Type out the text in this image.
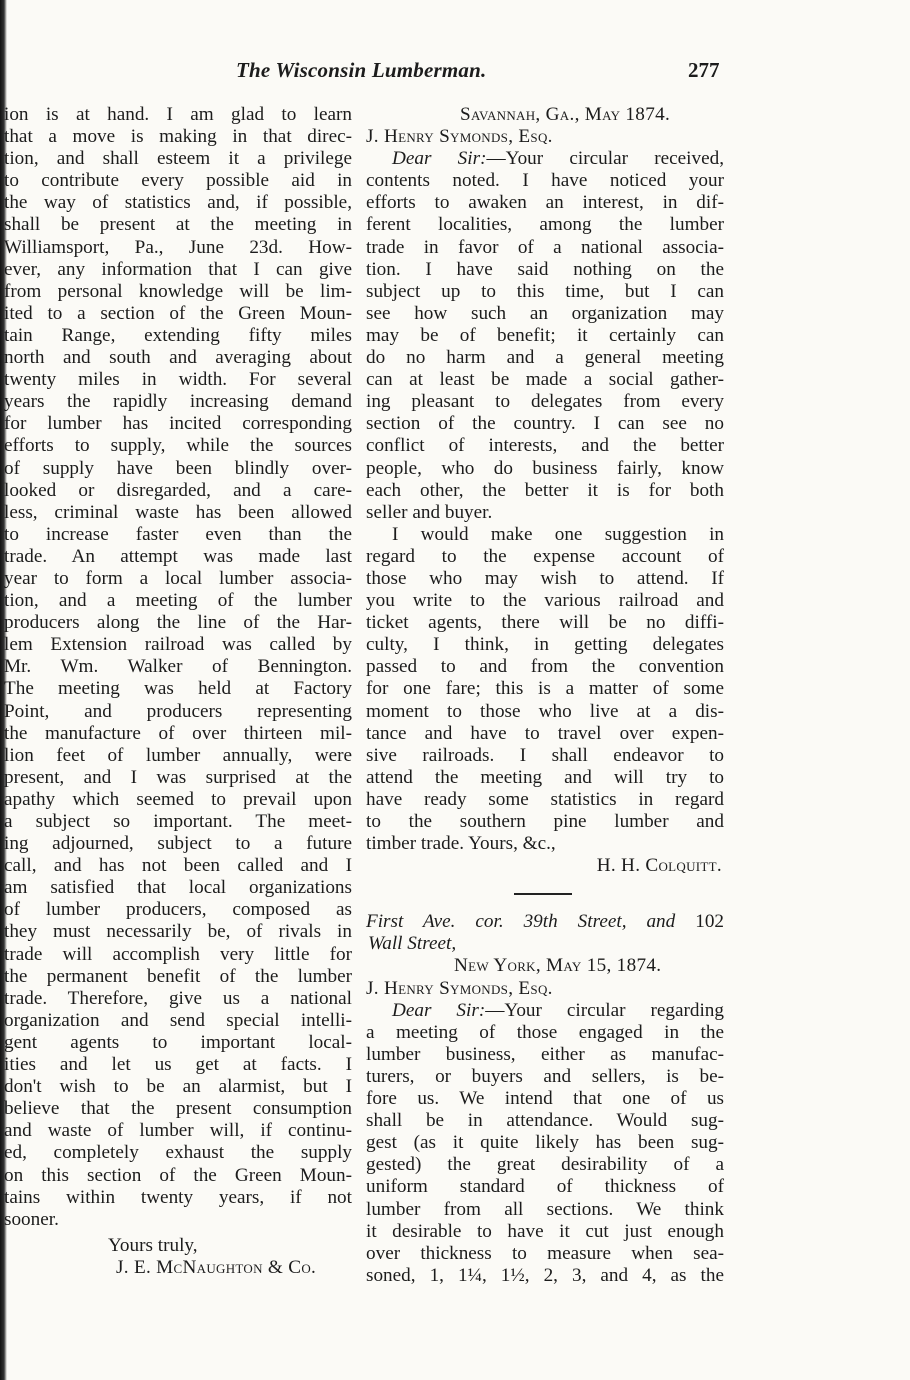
The Wisconsin Lumberman.	277
ion is at hand. I am glad to learn
that a move is making in that direc-
tion, and shall esteem it a privilege
to contribute every possible aid in
the way of statistics and, if possible,
shall be present at the meeting in
Williamsport, Pa., June 23d. How-
ever, any information that I can give
from personal knowledge will be lim-
ited to a section of the Green Moun-
tain Range, extending fifty miles
north and south and averaging about
twenty miles in width. For several
years the rapidly increasing demand
for lumber has incited corresponding
efforts to supply, while the sources
of supply have been blindly over-
looked or disregarded, and a care-
less, criminal waste has been allowed
to increase faster even than the
trade. An attempt was made last
year to form a local lumber associa-
tion, and a meeting of the lumber
producers along the line of the Har-
lem Extension railroad was called by
Mr. Wm. Walker of Bennington.
The meeting was held at Factory
Point, and producers representing
the manufacture of over thirteen mil-
lion feet of lumber annually, were
present, and I was surprised at the
apathy which seemed to prevail upon
a subject so important. The meet-
ing adjourned, subject to a future
call, and has not been called and I
am satisfied that local organizations
of lumber producers, composed as
they must necessarily be, of rivals in
trade will accomplish very little for
the permanent benefit of the lumber
trade. Therefore, give us a national
organization and send special intelli-
gent agents to important local-
ities and let us get at facts. I
don't wish to be an alarmist, but I
believe that the present consumption
and waste of lumber will, if continu-
ed, completely exhaust the supply
on this section of the Green Moun-
tains within twenty years, if not
sooner.
Yours truly,
J. E. McNaughton & Co.
Savannah, Ga., May 1874.
J. Henry Symonds, Esq.
Dear Sir:—Your circular received,
contents noted. I have noticed your
efforts to awaken an interest, in dif-
ferent localities, among the lumber
trade in favor of a national associa-
tion. I have said nothing on the
subject up to this time, but I can
see how such an organization may
may be of benefit; it certainly can
do no harm and a general meeting
can at least be made a social gather-
ing pleasant to delegates from every
section of the country. I can see no
conflict of interests, and the better
people, who do business fairly, know
each other, the better it is for both
seller and buyer.
I would make one suggestion in
regard to the expense account of
those who may wish to attend. If
you write to the various railroad and
ticket agents, there will be no diffi-
culty, I think, in getting delegates
passed to and from the convention
for one fare; this is a matter of some
moment to those who live at a dis-
tance and have to travel over expen-
sive railroads. I shall endeavor to
attend the meeting and will try to
have ready some statistics in regard
to the southern pine lumber and
timber trade. Yours, &c.,
H. H. Colquitt.
First Ave. cor. 39th Street, and 102
Wall Street,
New York, May 15, 1874.
J. Henry Symonds, Esq.
Dear Sir:—Your circular regarding
a meeting of those engaged in the
lumber business, either as manufac-
turers, or buyers and sellers, is be-
fore us. We intend that one of us
shall be in attendance. Would sug-
gest (as it quite likely has been sug-
gested) the great desirability of a
uniform standard of thickness of
lumber from all sections. We think
it desirable to have it cut just enough
over thickness to measure when sea-
soned, 1, 1¼, 1½, 2, 3, and 4, as the
